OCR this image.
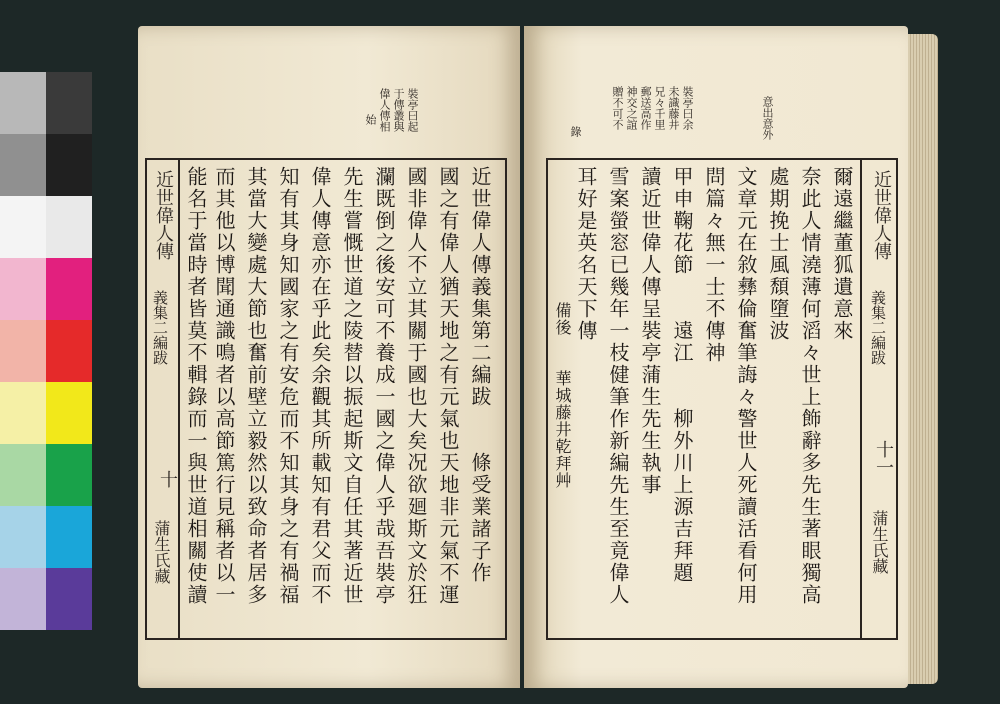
裝亭曰起
于傳叢與
偉人傳相
始
近世偉人傳
義集二編跋
十
蒲生氏藏	近世偉人傳義集第二編跋　　條受業諸子作
國之有偉人猶天地之有元氣也天地非元氣不運
國非偉人不立其關于國也大矣况欲廻斯文於狂
瀾既倒之後安可不養成一國之偉人乎哉吾裝亭
先生嘗慨世道之陵替以振起斯文自任其著近世
偉人傳意亦在乎此矣余觀其所載知有君父而不
知有其身知國家之有安危而不知其身之有禍福
其當大變處大節也奮前壁立毅然以致命者居多
而其他以博聞通識鳴者以高節篤行見稱者以一
能名于當時者皆莫不輯錄而一與世道相關使讀
意出意外
裝亭曰余
未識藤井
兄々千里
郵送高作
神交之誼
贈不可不
錄
近世偉人傳
義集二編跋
十一
蒲生氏藏
爾遠繼董狐遺意來
奈此人情澆薄何滔々世上飾辭多先生著眼獨高
處期挽士風頹墮波
文章元在敘彝倫奮筆誨々警世人死讀活看何用
問篇々無一士不傳神
甲申鞠花節　　遠江　　柳外川上源吉拜題
讀近世偉人傳呈裝亭蒲生先生執事
雪案螢窓已幾年一枝健筆作新編先生至竟偉人
耳好是英名天下傳
　　　　　　　　備後　　華城藤井乾拜艸
